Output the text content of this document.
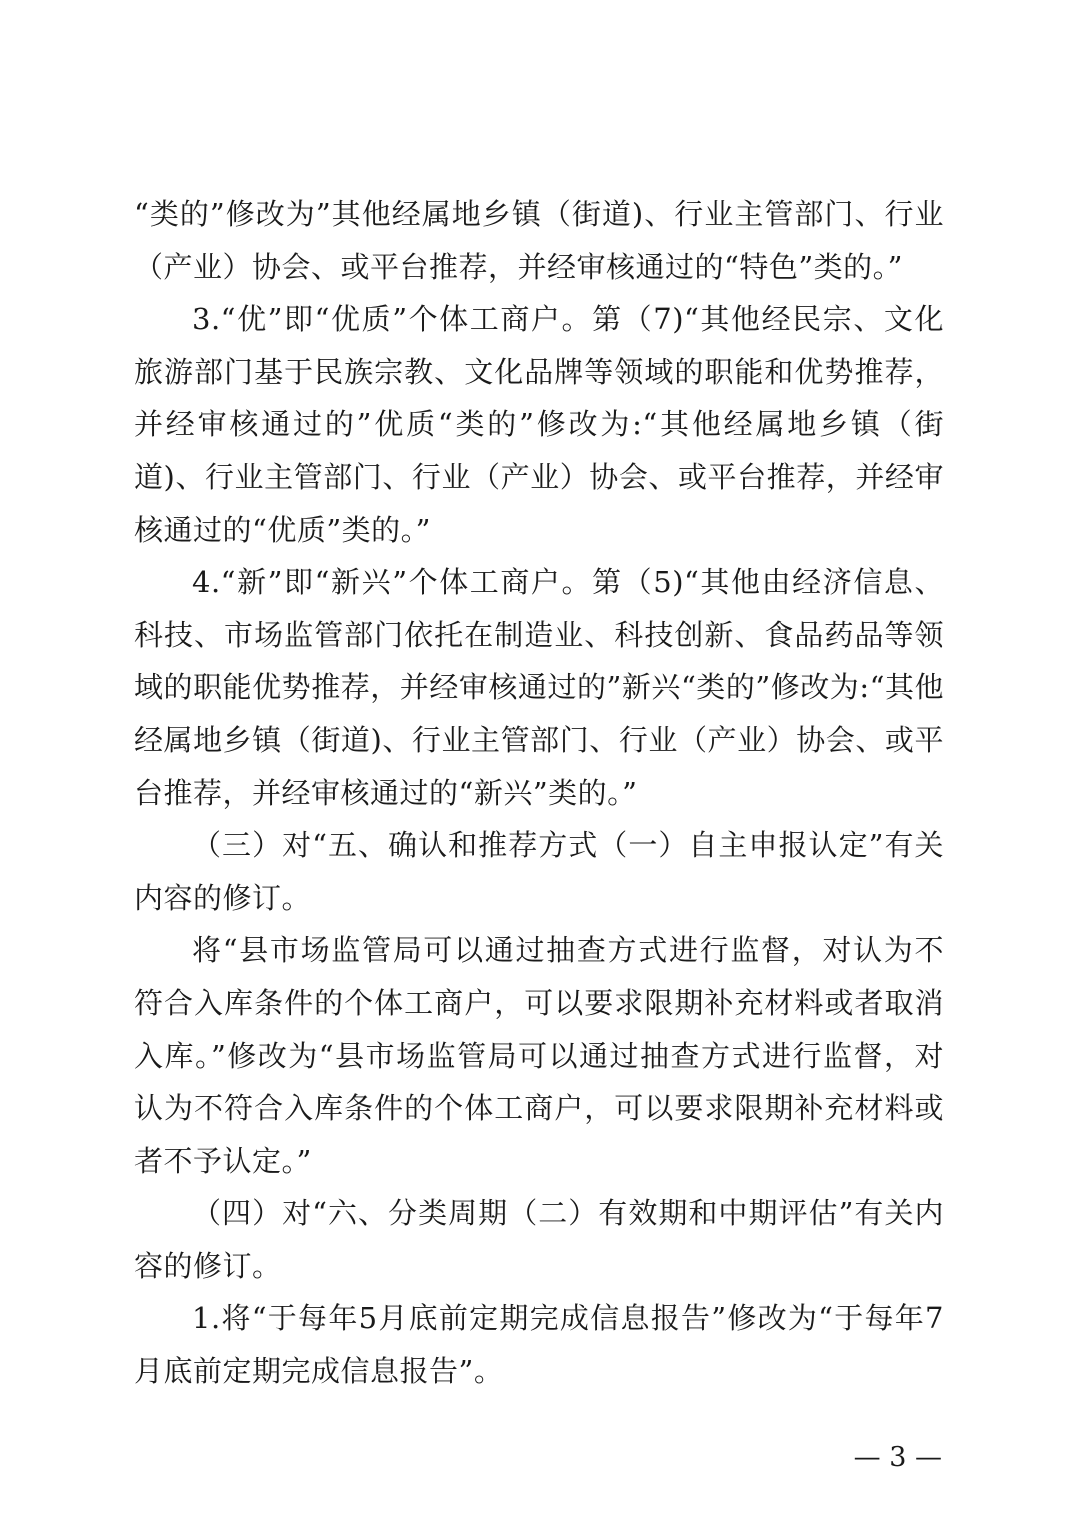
“类的”修改为”其他经属地乡镇（街道)、行业主管部门、行业（产业）协会、或平台推荐，并经审核通过的“特色”类的。”

3.“优”即“优质”个体工商户。第（7)“其他经民宗、文化旅游部门基于民族宗教、文化品牌等领域的职能和优势推荐，并经审核通过的”优质“类的”修改为:“其他经属地乡镇（街道)、行业主管部门、行业（产业）协会、或平台推荐，并经审核通过的“优质”类的。”

4.“新”即“新兴”个体工商户。第（5)“其他由经济信息、科技、市场监管部门依托在制造业、科技创新、食品药品等领域的职能优势推荐，并经审核通过的”新兴“类的”修改为:“其他经属地乡镇（街道)、行业主管部门、行业（产业）协会、或平台推荐，并经审核通过的“新兴”类的。”

（三）对“五、确认和推荐方式（一）自主申报认定”有关内容的修订。

将“县市场监管局可以通过抽查方式进行监督，对认为不符合入库条件的个体工商户，可以要求限期补充材料或者取消入库。”修改为“县市场监管局可以通过抽查方式进行监督，对认为不符合入库条件的个体工商户，可以要求限期补充材料或者不予认定。”

（四）对“六、分类周期（二）有效期和中期评估”有关内容的修订。

1.将“于每年5月底前定期完成信息报告”修改为“于每年7月底前定期完成信息报告”。

— 3 —
